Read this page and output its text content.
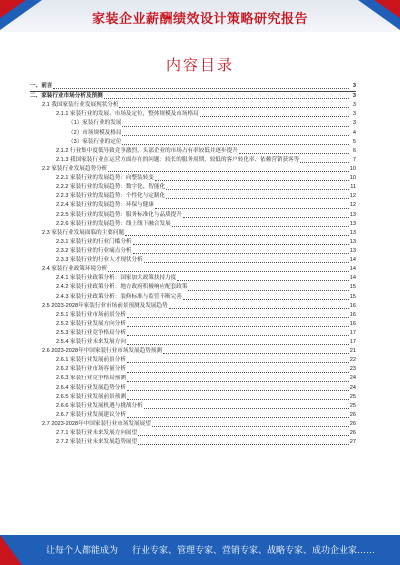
家装企业薪酬绩效设计策略研究报告
内容目录
一、前言	3
二、家装行业市场分析及预测	3
2.1 我国家装行业发展现状分析	3
2.1.1 家装行业的发展、市场及定位，整体规模及市场格局	3
（1）家装行业的发展	3
（2）市场规模及格局	4
（3）家装行业的定位	5
2.1.2 行业集中度低导致竞争激烈，头部企业的市场占有率较低并逐步提升	6
2.1.3 我国家装行业在运营方面存在的问题：较长的服务周期，较低的客户转化率、依赖营销获客等	7
2.2 家装行业发展趋势分析	10
2.2.1 家装行业的发展趋势：向整装转变	10
2.2.2 家装行业的发展趋势：数字化、智能化	11
2.2.3 家装行业的发展趋势：个性化与定制化	12
2.2.4 家装行业的发展趋势：环保与健康	12
2.2.5 家装行业的发展趋势：服务标准化与品质提升	13
2.2.6 家装行业的发展趋势：线上线下融合发展	13
2.3 家装行业发展面临的主要问题	13
2.3.1 家装行业的行业门槛分析	13
2.3.2 家装行业的行业痛点分析	13
2.3.3 家装行业的行业人才现状分析	14
2.4 家装行业政策环境分析	14
2.4.1 家装行业政策分析：国家加大政策扶持力度	14
2.4.2 家装行业政策分析：地方政府积极响应配套政策	15
2.4.3 家装行业政策分析：装修标准与监管不断完善	15
2.5 2023-2028年家装行业市场前景预测及发展趋势	16
2.5.1 家装行业市场前景分析	16
2.5.2 家装行业发展方向分析	16
2.5.3 家装行业竞争格局分析	17
2.5.4 家装行业未来发展方向	17
2.6 2023-2028年中国家装行业市场发展趋势预测	21
2.6.1 家装行业发展前景分析	22
2.6.2 家装行业市场容量分析	23
2.6.3 家装行业竞争格局预测	24
2.6.4 家装行业发展趋势分析	24
2.6.5 家装行业发展前景预测	25
2.6.6 家装行业发展机遇与挑战分析	25
2.6.7 家装行业发展建议分析	26
2.7 2023-2028年中国家装行业市场发展展望	26
2.7.1 家装行业未来发展方向展望	26
2.7.2 家装行业未来发展趋势展望	27
让每个人都能成为 行业专家、管理专家、营销专家、战略专家、成功企业家……
